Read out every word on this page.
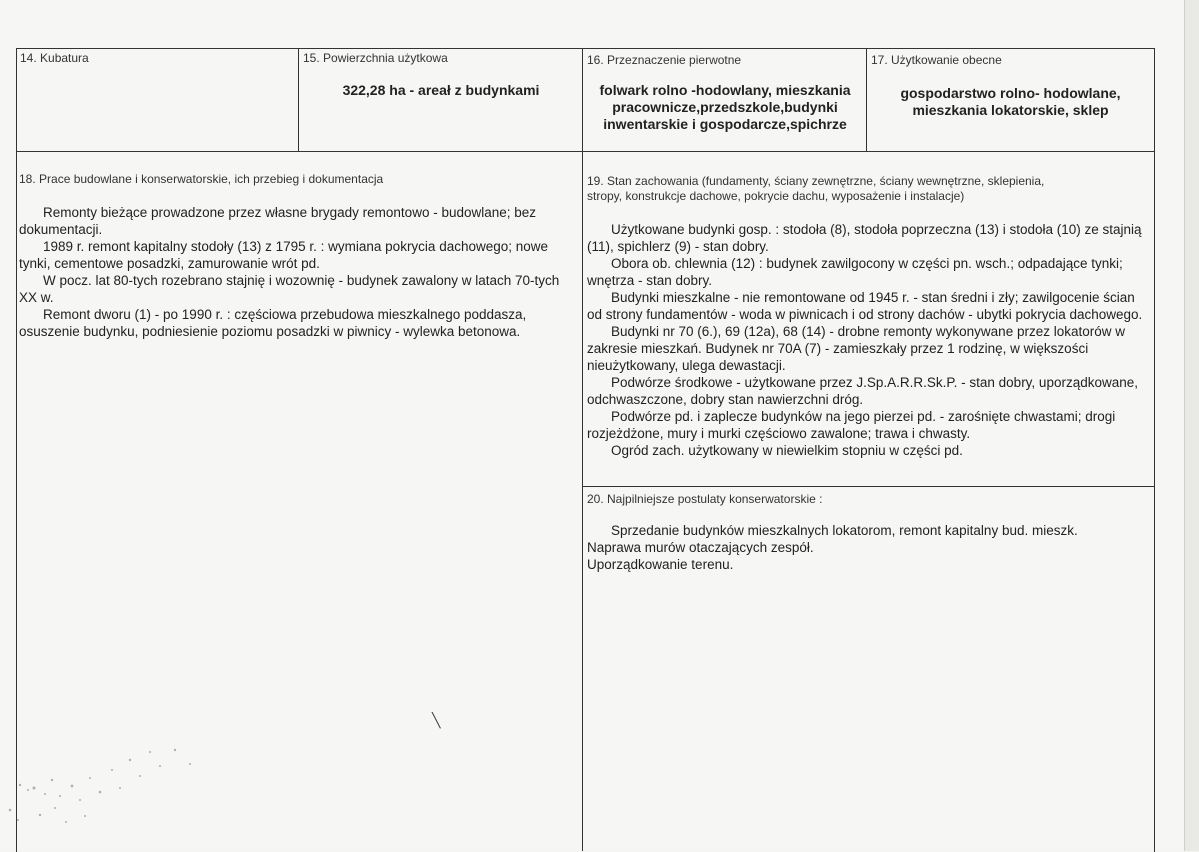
14. Kubatura	15. Powierzchnia użytkowa
322,28 ha - areał z budynkami
16. Przeznaczenie pierwotne
folwark rolno -hodowlany, mieszkania
pracownicze,przedszkole,budynki
inwentarskie i gospodarcze,spichrze
17. Użytkowanie obecne
gospodarstwo rolno- hodowlane,
mieszkania lokatorskie, sklep
18. Prace budowlane i konserwatorskie, ich przebieg i dokumentacja

Remonty bieżące prowadzone przez własne brygady remontowo - budowlane; bez dokumentacji.

1989 r. remont kapitalny stodoły (13) z 1795 r. : wymiana pokrycia dachowego; nowe tynki, cementowe posadzki, zamurowanie wrót pd.

W pocz. lat 80-tych rozebrano stajnię i wozownię - budynek zawalony w latach 70-tych XX w.

Remont dworu (1) - po 1990 r. : częściowa przebudowa mieszkalnego poddasza, osuszenie budynku, podniesienie poziomu posadzki w piwnicy - wylewka betonowa.

19. Stan zachowania (fundamenty, ściany zewnętrzne, ściany wewnętrzne, sklepienia,
stropy, konstrukcje dachowe, pokrycie dachu, wyposażenie i instalacje)

Użytkowane budynki gosp. : stodoła (8), stodoła poprzeczna (13) i stodoła (10) ze stajnią (11), spichlerz (9) - stan dobry.

Obora ob. chlewnia (12) : budynek zawilgocony w części pn. wsch.; odpadające tynki; wnętrza - stan dobry.

Budynki mieszkalne - nie remontowane od 1945 r. - stan średni i zły; zawilgocenie ścian od strony fundamentów - woda w piwnicach i od strony dachów - ubytki pokrycia dachowego.

Budynki nr 70 (6.), 69 (12a), 68 (14) - drobne remonty wykonywane przez lokatorów w zakresie mieszkań. Budynek nr 70A (7) - zamieszkały przez 1 rodzinę, w większości nieużytkowany, ulega dewastacji.

Podwórze środkowe - użytkowane przez J.Sp.A.R.R.Sk.P. - stan dobry, uporządkowane, odchwaszczone, dobry stan nawierzchni dróg.

Podwórze pd. i zaplecze budynków na jego pierzei pd. - zarośnięte chwastami; drogi rozjeżdżone, mury i murki częściowo zawalone; trawa i chwasty.

Ogród zach. użytkowany w niewielkim stopniu w części pd.

20. Najpilniejsze postulaty konserwatorskie :

Sprzedanie budynków mieszkalnych lokatorom, remont kapitalny bud. mieszk.

Naprawa murów otaczających zespół.

Uporządkowanie terenu.

╲
